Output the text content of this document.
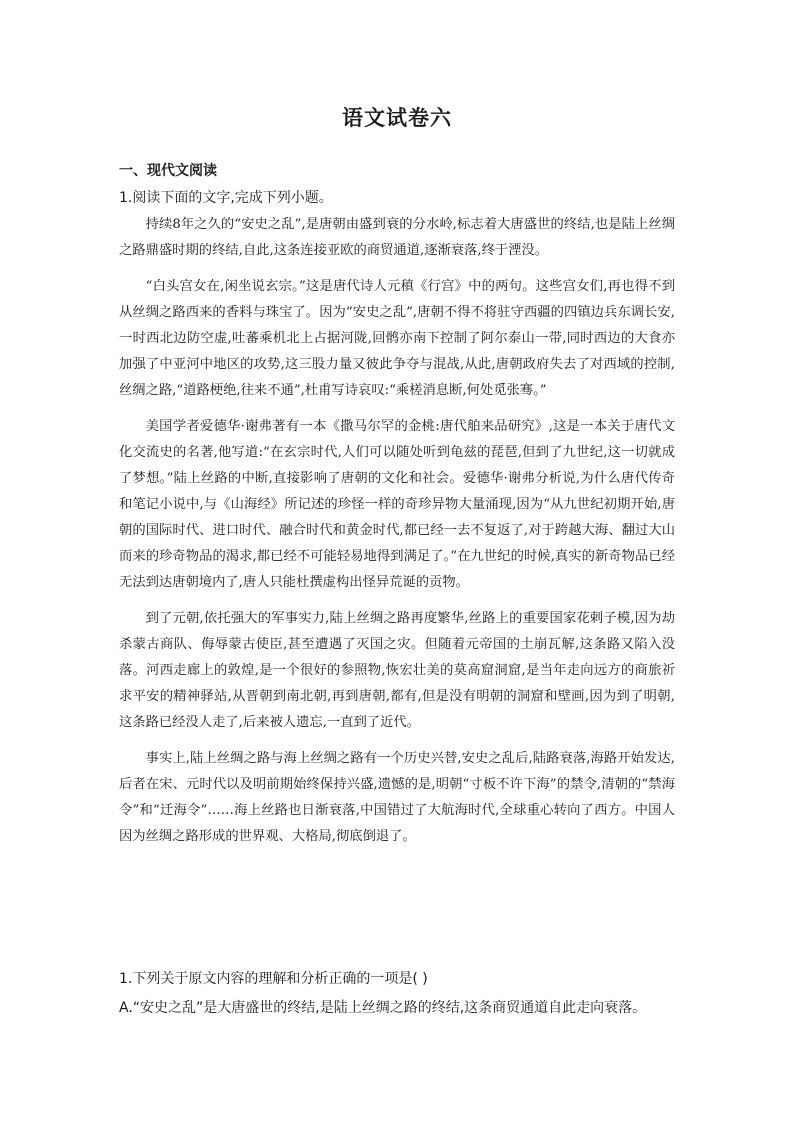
语文试卷六
一、现代文阅读
1.阅读下面的文字,完成下列小题。

持续8年之久的“安史之乱”,是唐朝由盛到衰的分水岭,标志着大唐盛世的终结,也是陆上丝绸之路鼎盛时期的终结,自此,这条连接亚欧的商贸通道,逐渐衰落,终于湮没。

“白头宫女在,闲坐说玄宗。”这是唐代诗人元稹《行宫》中的两句。这些宫女们,再也得不到从丝绸之路西来的香料与珠宝了。因为“安史之乱”,唐朝不得不将驻守西疆的四镇边兵东调长安,一时西北边防空虚,吐蕃乘机北上占据河陇,回鹘亦南下控制了阿尔泰山一带,同时西边的大食亦加强了中亚河中地区的攻势,这三股力量又彼此争夺与混战,从此,唐朝政府失去了对西域的控制,丝绸之路,“道路梗绝,往来不通”,杜甫写诗哀叹:“乘槎消息断,何处觅张骞。”

美国学者爱德华·谢弗著有一本《撒马尔罕的金桃:唐代舶来品研究》,这是一本关于唐代文化交流史的名著,他写道:“在玄宗时代,人们可以随处听到龟兹的琵琶,但到了九世纪,这一切就成了梦想。”陆上丝路的中断,直接影响了唐朝的文化和社会。爱德华·谢弗分析说,为什么唐代传奇和笔记小说中,与《山海经》所记述的珍怪一样的奇珍异物大量涌现,因为“从九世纪初期开始,唐朝的国际时代、进口时代、融合时代和黄金时代,都已经一去不复返了,对于跨越大海、翻过大山而来的珍奇物品的渴求,都已经不可能轻易地得到满足了。”在九世纪的时候,真实的新奇物品已经无法到达唐朝境内了,唐人只能杜撰虚构出怪异荒诞的贡物。

到了元朝,依托强大的军事实力,陆上丝绸之路再度繁华,丝路上的重要国家花剌子模,因为劫杀蒙古商队、侮辱蒙古使臣,甚至遭遇了灭国之灾。但随着元帝国的土崩瓦解,这条路又陷入没落。河西走廊上的敦煌,是一个很好的参照物,恢宏壮美的莫高窟洞窟,是当年走向远方的商旅祈求平安的精神驿站,从晋朝到南北朝,再到唐朝,都有,但是没有明朝的洞窟和壁画,因为到了明朝,这条路已经没人走了,后来被人遗忘,一直到了近代。

事实上,陆上丝绸之路与海上丝绸之路有一个历史兴替,安史之乱后,陆路衰落,海路开始发达,后者在宋、元时代以及明前期始终保持兴盛,遗憾的是,明朝“寸板不许下海”的禁令,清朝的“禁海令”和“迁海令”……海上丝路也日渐衰落,中国错过了大航海时代,全球重心转向了西方。中国人因为丝绸之路形成的世界观、大格局,彻底倒退了。

1.下列关于原文内容的理解和分析正确的一项是( )
A.“安史之乱”是大唐盛世的终结,是陆上丝绸之路的终结,这条商贸通道自此走向衰落。
